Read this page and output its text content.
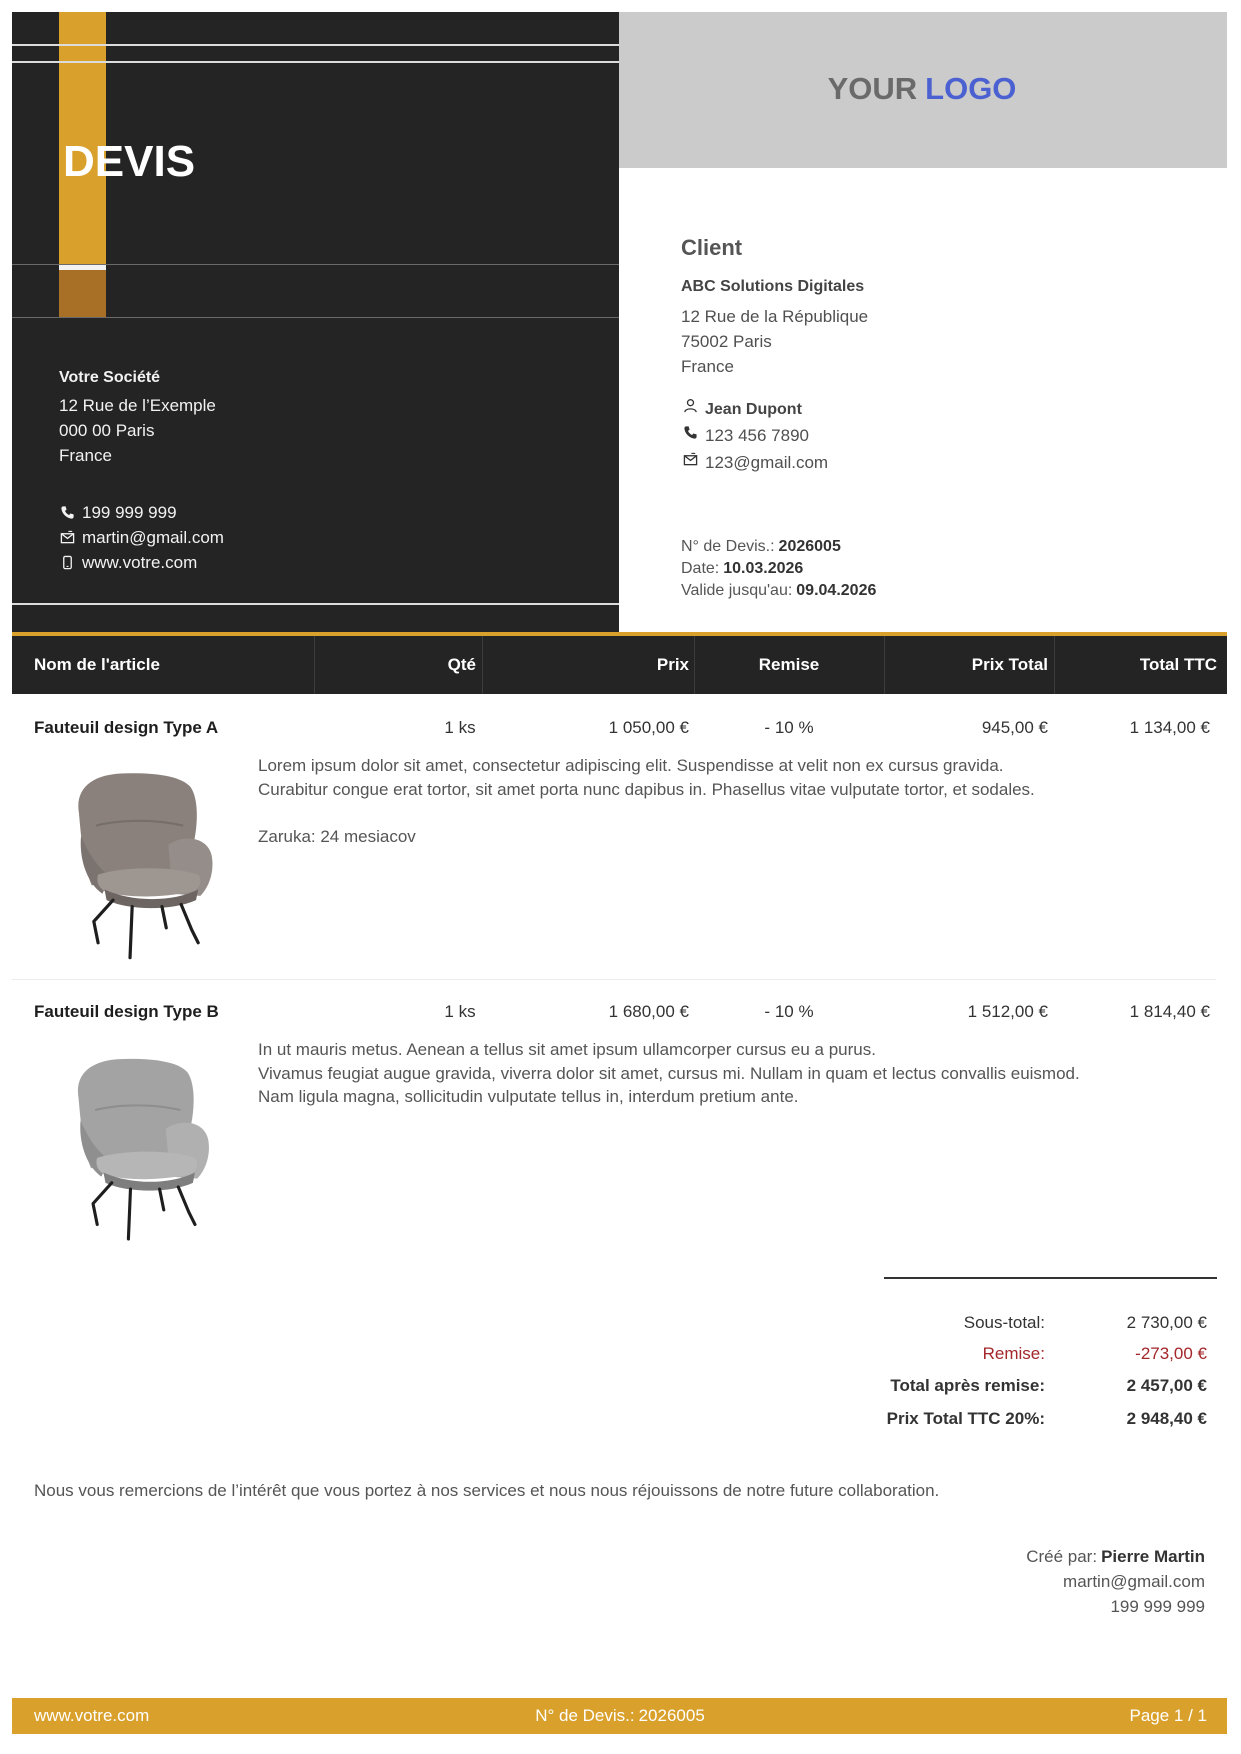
DEVIS
Votre Société
12 Rue de l’Exemple
000 00 Paris
France
199 999 999
martin@gmail.com
www.votre.com
YOUR LOGO
Client
ABC Solutions Digitales
12 Rue de la République
75002 Paris
France
Jean Dupont
123 456 7890
123@gmail.com
N° de Devis.: 2026005
Date: 10.03.2026
Valide jusqu'au: 09.04.2026
Nom de l'article	Qté	Prix	Remise	Prix Total	Total TTC
Fauteuil design Type A	1 ks	1 050,00 €	- 10 %	945,00 €	1 134,00 €
Lorem ipsum dolor sit amet, consectetur adipiscing elit. Suspendisse at velit non ex cursus gravida.
Curabitur congue erat tortor, sit amet porta nunc dapibus in. Phasellus vitae vulputate tortor, et sodales.
Zaruka: 24 mesiacov
Fauteuil design Type B	1 ks	1 680,00 €	- 10 %	1 512,00 €	1 814,40 €
In ut mauris metus. Aenean a tellus sit amet ipsum ullamcorper cursus eu a purus.
Vivamus feugiat augue gravida, viverra dolor sit amet, cursus mi. Nullam in quam et lectus convallis euismod.
Nam ligula magna, sollicitudin vulputate tellus in, interdum pretium ante.
Sous-total:	2 730,00 €
Remise:	-273,00 €
Total après remise:	2 457,00 €
Prix Total TTC 20%:	2 948,40 €
Nous vous remercions de l’intérêt que vous portez à nos services et nous nous réjouissons de notre future collaboration.
Créé par: Pierre Martin
martin@gmail.com
199 999 999
www.votre.com	N° de Devis.: 2026005	Page 1 / 1
